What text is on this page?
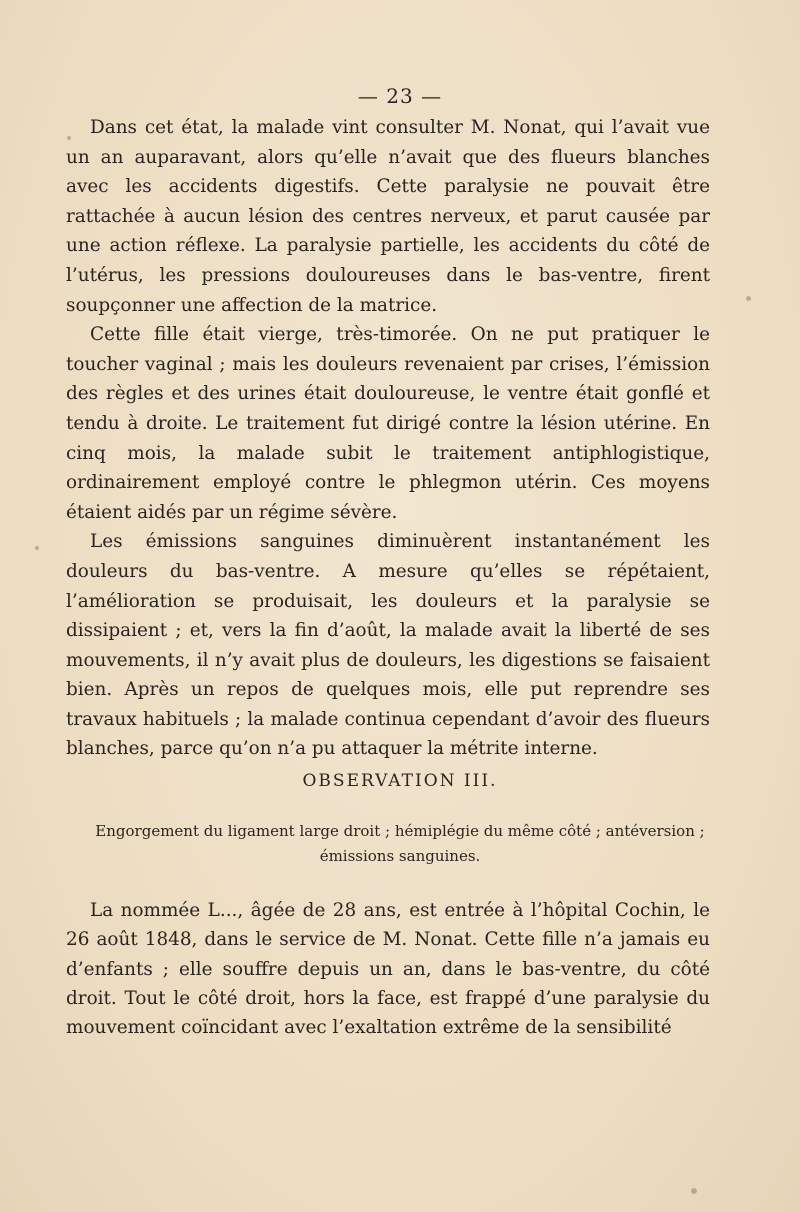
— 23 —

Dans cet état, la malade vint consulter M. Nonat, qui l’avait vue un an auparavant, alors qu’elle n’avait que des flueurs blanches avec les accidents digestifs. Cette paralysie ne pouvait être rattachée à aucun lésion des centres nerveux, et parut causée par une action réflexe. La paralysie partielle, les accidents du côté de l’utérus, les pressions douloureuses dans le bas-ventre, firent soupçonner une affection de la matrice.

Cette fille était vierge, très-timorée. On ne put pratiquer le toucher vaginal ; mais les douleurs revenaient par crises, l’émission des règles et des urines était douloureuse, le ventre était gonflé et tendu à droite. Le traitement fut dirigé contre la lésion utérine. En cinq mois, la malade subit le traitement antiphlogistique, ordinairement employé contre le phlegmon utérin. Ces moyens étaient aidés par un régime sévère.

Les émissions sanguines diminuèrent instantanément les douleurs du bas-ventre. A mesure qu’elles se répétaient, l’amélioration se produisait, les douleurs et la paralysie se dissipaient ; et, vers la fin d’août, la malade avait la liberté de ses mouvements, il n’y avait plus de douleurs, les digestions se faisaient bien. Après un repos de quelques mois, elle put reprendre ses travaux habituels ; la malade continua cependant d’avoir des flueurs blanches, parce qu’on n’a pu attaquer la métrite interne.

OBSERVATION III.
Engorgement du ligament large droit ; hémiplégie du même côté ; antéversion ; émissions sanguines.

La nommée L..., âgée de 28 ans, est entrée à l’hôpital Cochin, le 26 août 1848, dans le service de M. Nonat. Cette fille n’a jamais eu d’enfants ; elle souffre depuis un an, dans le bas-ventre, du côté droit. Tout le côté droit, hors la face, est frappé d’une paralysie du mouvement coïncidant avec l’exaltation extrême de la sensibilité
